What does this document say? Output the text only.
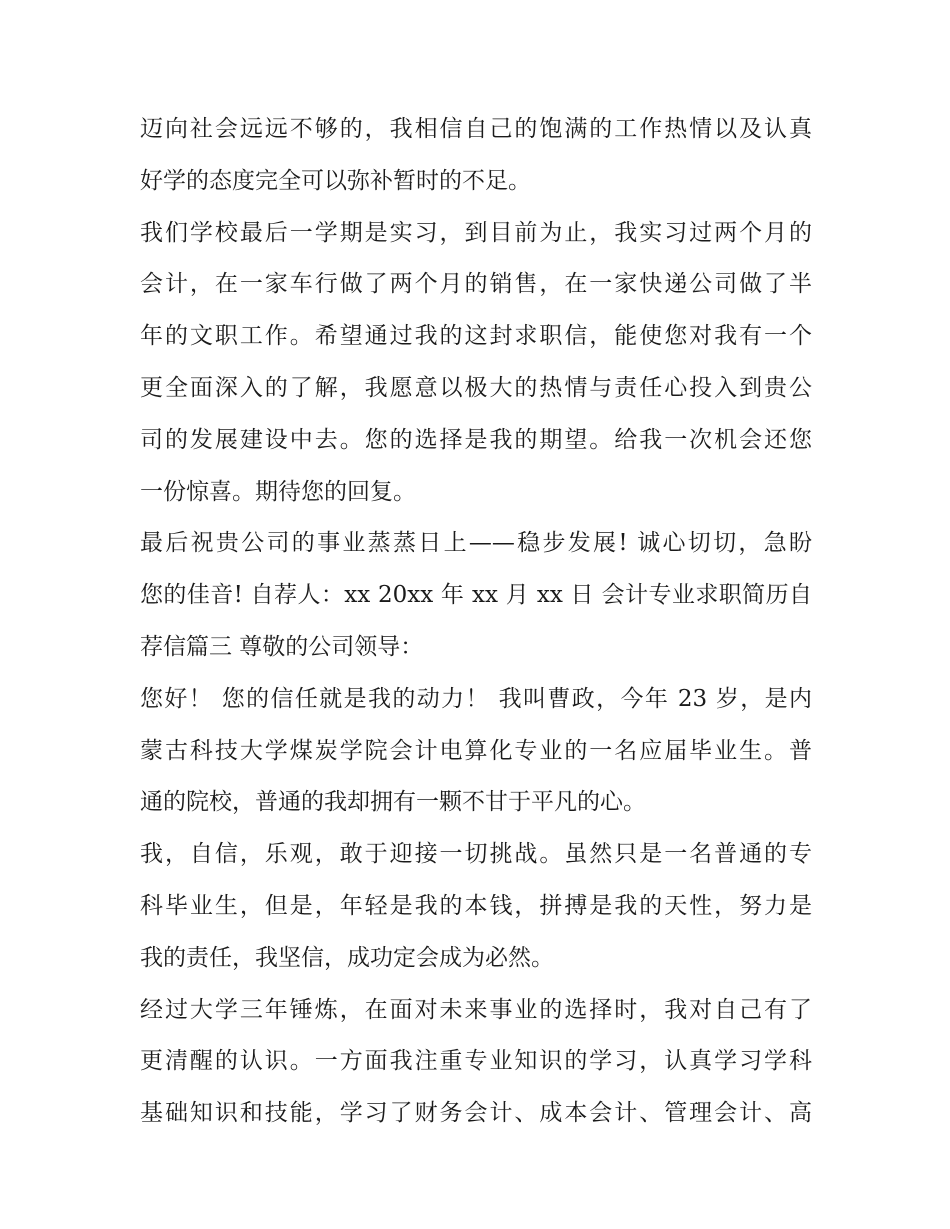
迈向社会远远不够的，我相信自己的饱满的工作热情以及认真
好学的态度完全可以弥补暂时的不足。
我们学校最后一学期是实习，到目前为止，我实习过两个月的
会计，在一家车行做了两个月的销售，在一家快递公司做了半
年的文职工作。希望通过我的这封求职信，能使您对我有一个
更全面深入的了解，我愿意以极大的热情与责任心投入到贵公
司的发展建设中去。您的选择是我的期望。给我一次机会还您
一份惊喜。期待您的回复。
最后祝贵公司的事业蒸蒸日上——稳步发展! 诚心切切，急盼
您的佳音! 自荐人：xx 20xx 年 xx 月 xx 日 会计专业求职简历自
荐信篇三 尊敬的公司领导：
您好！ 您的信任就是我的动力！ 我叫曹政，今年 23 岁，是内
蒙古科技大学煤炭学院会计电算化专业的一名应届毕业生。普
通的院校，普通的我却拥有一颗不甘于平凡的心。
我，自信，乐观，敢于迎接一切挑战。虽然只是一名普通的专
科毕业生，但是，年轻是我的本钱，拼搏是我的天性，努力是
我的责任，我坚信，成功定会成为必然。
经过大学三年锤炼，在面对未来事业的选择时，我对自己有了
更清醒的认识。一方面我注重专业知识的学习，认真学习学科
基础知识和技能，学习了财务会计、成本会计、管理会计、高
